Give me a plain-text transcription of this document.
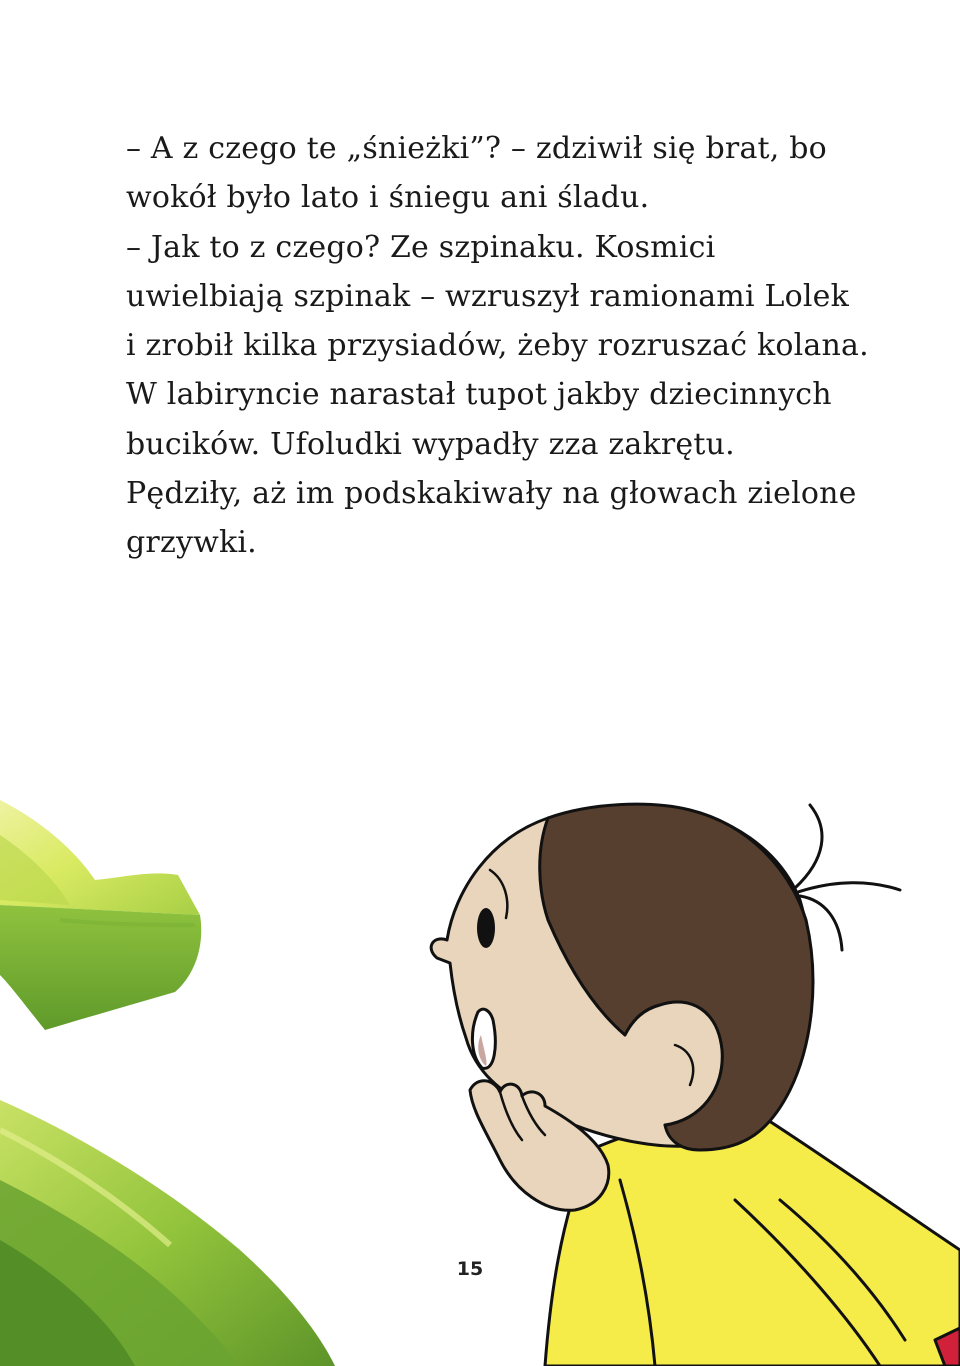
– A z czego te „śnieżki”? – zdziwił się brat, bo
wokół było lato i śniegu ani śladu.
– Jak to z czego? Ze szpinaku. Kosmici
uwielbiają szpinak – wzruszył ramionami Lolek
i zrobił kilka przysiadów, żeby rozruszać kolana.
W labiryncie narastał tupot jakby dziecinnych
bucików. Ufoludki wypadły zza zakrętu.
Pędziły, aż im podskakiwały na głowach zielone
grzywki.
15
